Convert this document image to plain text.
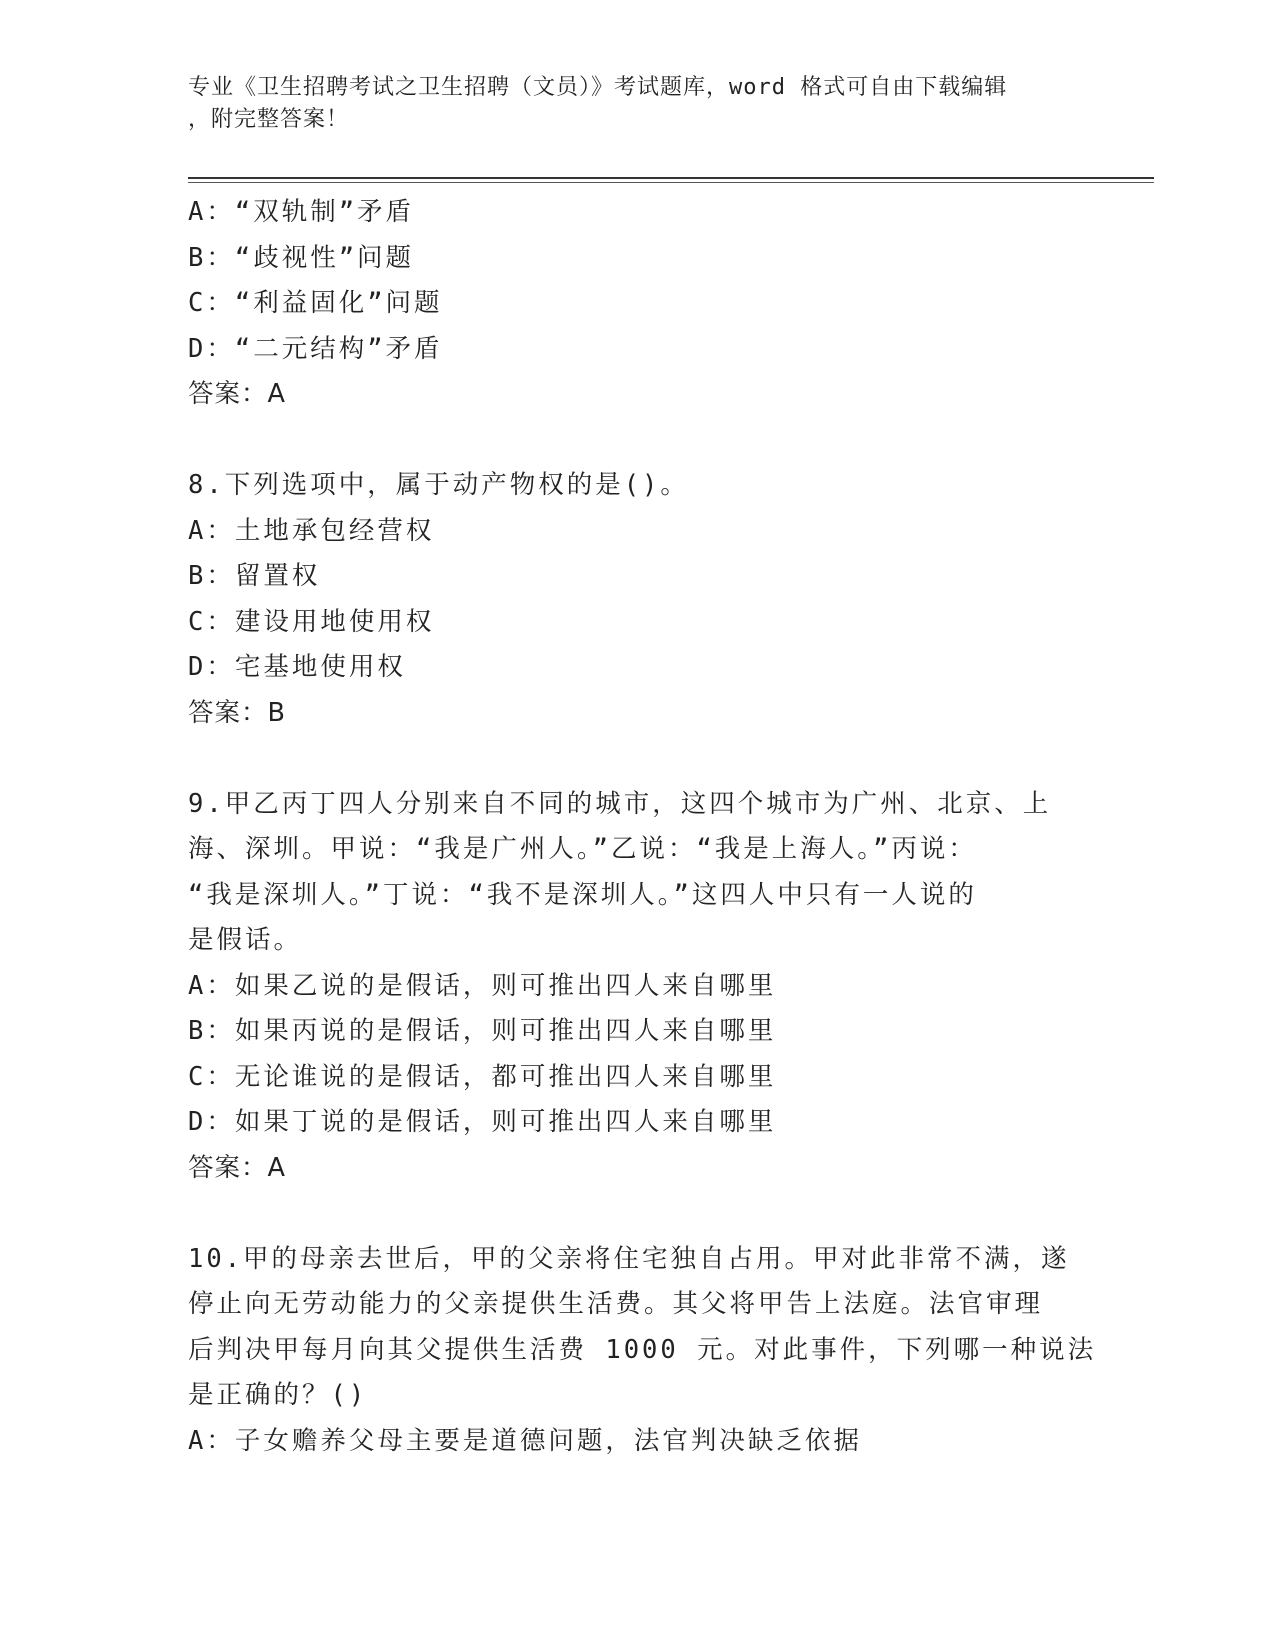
专业《卫生招聘考试之卫生招聘（文员）》考试题库，word 格式可自由下载编辑
，附完整答案！
A：“双轨制”矛盾
B：“歧视性”问题
C：“利益固化”问题
D：“二元结构”矛盾
答案：A
8.下列选项中，属于动产物权的是()。
A：土地承包经营权
B：留置权
C：建设用地使用权
D：宅基地使用权
答案：B
9.甲乙丙丁四人分别来自不同的城市，这四个城市为广州、北京、上
海、深圳。甲说：“我是广州人。”乙说：“我是上海人。”丙说：
“我是深圳人。”丁说：“我不是深圳人。”这四人中只有一人说的
是假话。
A：如果乙说的是假话，则可推出四人来自哪里
B：如果丙说的是假话，则可推出四人来自哪里
C：无论谁说的是假话，都可推出四人来自哪里
D：如果丁说的是假话，则可推出四人来自哪里
答案：A
10.甲的母亲去世后，甲的父亲将住宅独自占用。甲对此非常不满，遂
停止向无劳动能力的父亲提供生活费。其父将甲告上法庭。法官审理
后判决甲每月向其父提供生活费 1000 元。对此事件，下列哪一种说法
是正确的？()
A：子女赡养父母主要是道德问题，法官判决缺乏依据
